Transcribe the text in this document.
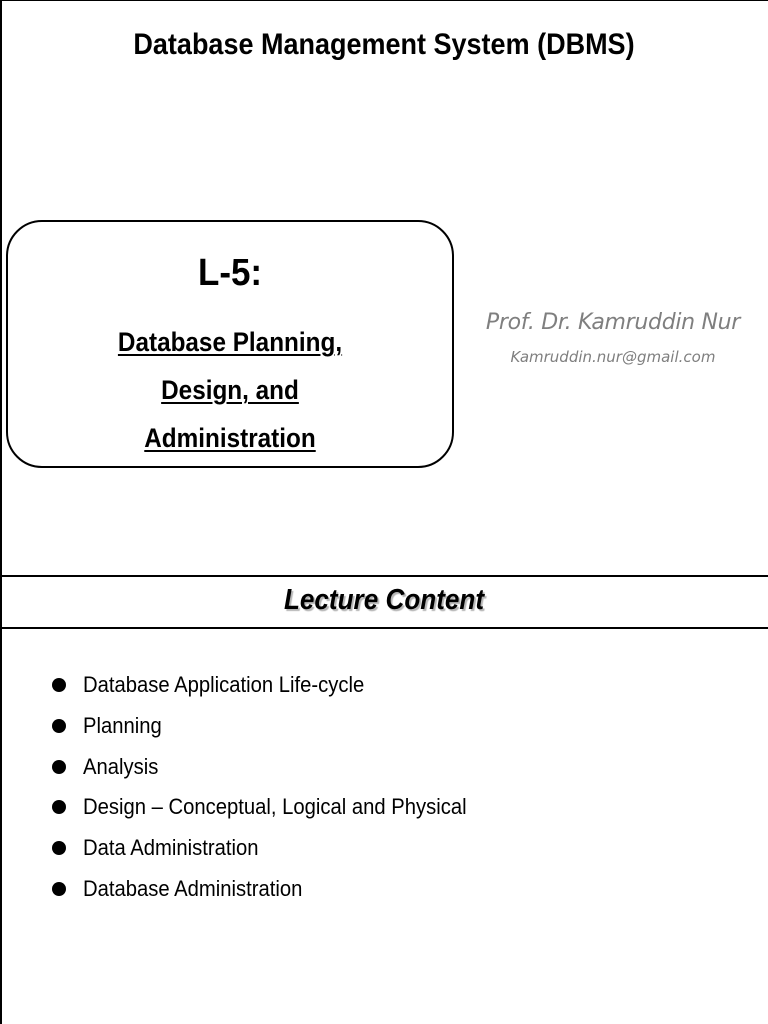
Database Management System (DBMS)
L-5:
Database Planning,
Design, and
Administration
Prof. Dr. Kamruddin Nur
Kamruddin.nur@gmail.com
Lecture Content
Database Application Life-cycle
Planning
Analysis
Design – Conceptual, Logical and Physical
Data Administration
Database Administration
